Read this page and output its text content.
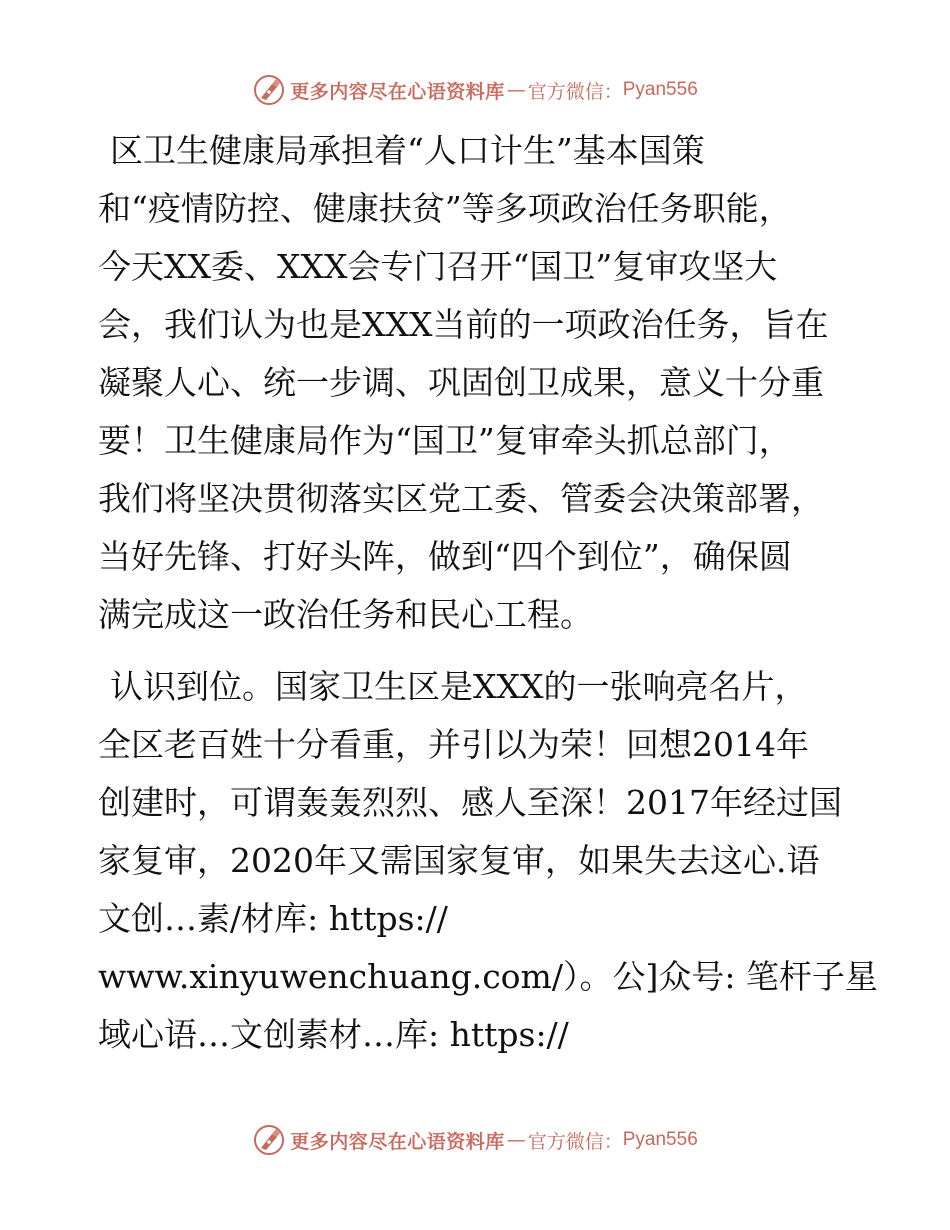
更多内容尽在心语资料库 — 官方微信： Pyan556
区卫生健康局承担着“人口计生”基本国策
和“疫情防控、健康扶贫”等多项政治任务职能，
今天XX委、XXX会专门召开“国卫”复审攻坚大
会，我们认为也是XXX当前的一项政治任务，旨在
凝聚人心、统一步调、巩固创卫成果，意义十分重
要！卫生健康局作为“国卫”复审牵头抓总部门，
我们将坚决贯彻落实区党工委、管委会决策部署，
当好先锋、打好头阵，做到“四个到位”，确保圆
满完成这一政治任务和民心工程。
认识到位。国家卫生区是XXX的一张响亮名片，
全区老百姓十分看重，并引以为荣！回想2014年
创建时，可谓轰轰烈烈、感人至深！2017年经过国
家复审，2020年又需国家复审，如果失去这心.语
文创…素/材库: https://
www.xinyuwenchuang.com/）。公]众号: 笔杆子星
域心语…文创素材…库: https://
更多内容尽在心语资料库 — 官方微信： Pyan556
